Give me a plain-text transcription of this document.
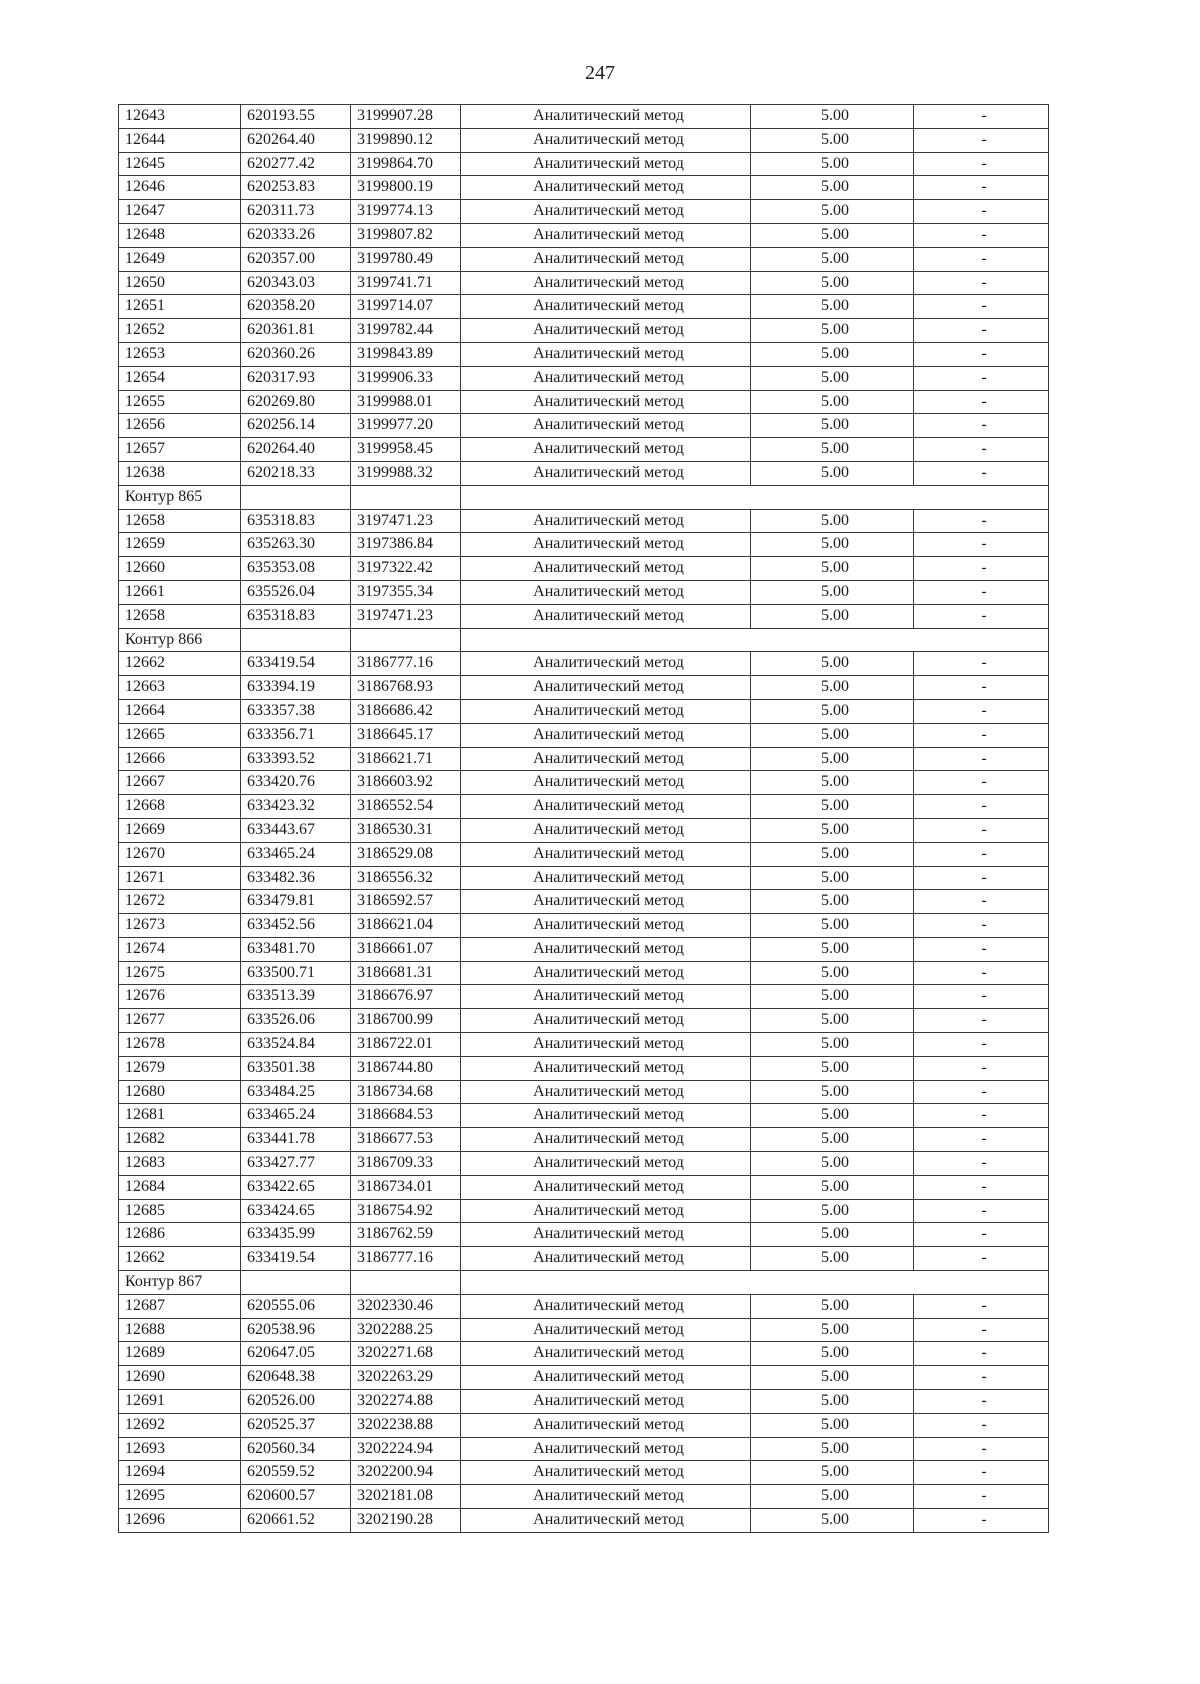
247
12643	620193.55	3199907.28	Аналитический метод	5.00	-
12644	620264.40	3199890.12	Аналитический метод	5.00	-
12645	620277.42	3199864.70	Аналитический метод	5.00	-
12646	620253.83	3199800.19	Аналитический метод	5.00	-
12647	620311.73	3199774.13	Аналитический метод	5.00	-
12648	620333.26	3199807.82	Аналитический метод	5.00	-
12649	620357.00	3199780.49	Аналитический метод	5.00	-
12650	620343.03	3199741.71	Аналитический метод	5.00	-
12651	620358.20	3199714.07	Аналитический метод	5.00	-
12652	620361.81	3199782.44	Аналитический метод	5.00	-
12653	620360.26	3199843.89	Аналитический метод	5.00	-
12654	620317.93	3199906.33	Аналитический метод	5.00	-
12655	620269.80	3199988.01	Аналитический метод	5.00	-
12656	620256.14	3199977.20	Аналитический метод	5.00	-
12657	620264.40	3199958.45	Аналитический метод	5.00	-
12638	620218.33	3199988.32	Аналитический метод	5.00	-
Контур 865					
12658	635318.83	3197471.23	Аналитический метод	5.00	-
12659	635263.30	3197386.84	Аналитический метод	5.00	-
12660	635353.08	3197322.42	Аналитический метод	5.00	-
12661	635526.04	3197355.34	Аналитический метод	5.00	-
12658	635318.83	3197471.23	Аналитический метод	5.00	-
Контур 866					
12662	633419.54	3186777.16	Аналитический метод	5.00	-
12663	633394.19	3186768.93	Аналитический метод	5.00	-
12664	633357.38	3186686.42	Аналитический метод	5.00	-
12665	633356.71	3186645.17	Аналитический метод	5.00	-
12666	633393.52	3186621.71	Аналитический метод	5.00	-
12667	633420.76	3186603.92	Аналитический метод	5.00	-
12668	633423.32	3186552.54	Аналитический метод	5.00	-
12669	633443.67	3186530.31	Аналитический метод	5.00	-
12670	633465.24	3186529.08	Аналитический метод	5.00	-
12671	633482.36	3186556.32	Аналитический метод	5.00	-
12672	633479.81	3186592.57	Аналитический метод	5.00	-
12673	633452.56	3186621.04	Аналитический метод	5.00	-
12674	633481.70	3186661.07	Аналитический метод	5.00	-
12675	633500.71	3186681.31	Аналитический метод	5.00	-
12676	633513.39	3186676.97	Аналитический метод	5.00	-
12677	633526.06	3186700.99	Аналитический метод	5.00	-
12678	633524.84	3186722.01	Аналитический метод	5.00	-
12679	633501.38	3186744.80	Аналитический метод	5.00	-
12680	633484.25	3186734.68	Аналитический метод	5.00	-
12681	633465.24	3186684.53	Аналитический метод	5.00	-
12682	633441.78	3186677.53	Аналитический метод	5.00	-
12683	633427.77	3186709.33	Аналитический метод	5.00	-
12684	633422.65	3186734.01	Аналитический метод	5.00	-
12685	633424.65	3186754.92	Аналитический метод	5.00	-
12686	633435.99	3186762.59	Аналитический метод	5.00	-
12662	633419.54	3186777.16	Аналитический метод	5.00	-
Контур 867					
12687	620555.06	3202330.46	Аналитический метод	5.00	-
12688	620538.96	3202288.25	Аналитический метод	5.00	-
12689	620647.05	3202271.68	Аналитический метод	5.00	-
12690	620648.38	3202263.29	Аналитический метод	5.00	-
12691	620526.00	3202274.88	Аналитический метод	5.00	-
12692	620525.37	3202238.88	Аналитический метод	5.00	-
12693	620560.34	3202224.94	Аналитический метод	5.00	-
12694	620559.52	3202200.94	Аналитический метод	5.00	-
12695	620600.57	3202181.08	Аналитический метод	5.00	-
12696	620661.52	3202190.28	Аналитический метод	5.00	-
